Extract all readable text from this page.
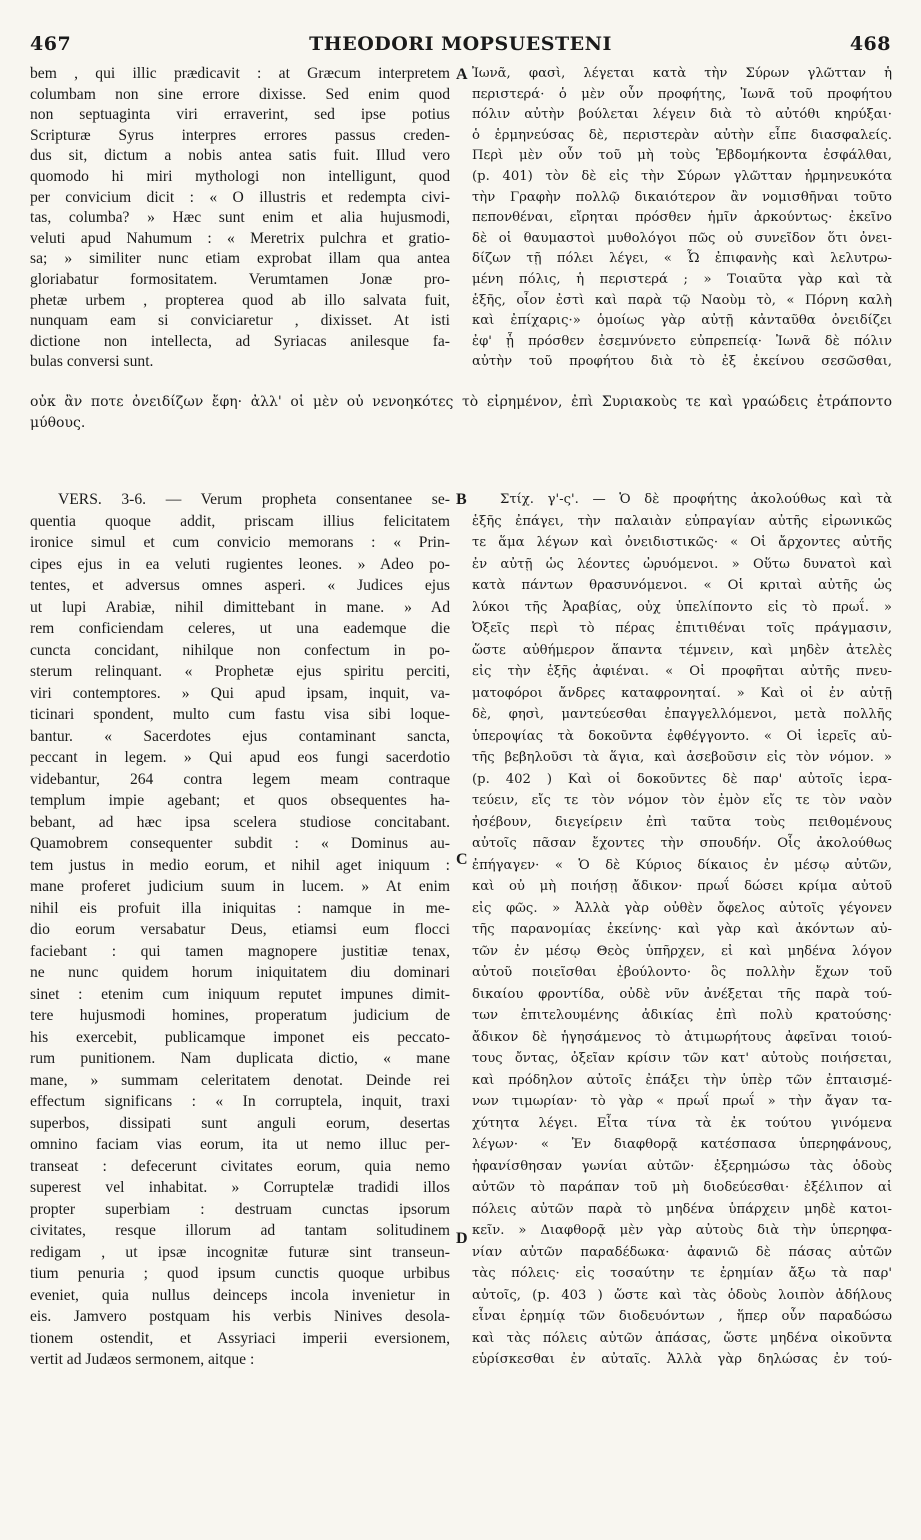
467	THEODORI MOPSUESTENI	468
bem , qui illic prædicavit : at Græcum interpretem
columbam non sine errore dixisse. Sed enim quod
non septuaginta viri erraverint, sed ipse potius
Scripturæ Syrus interpres errores passus creden-
dus sit, dictum a nobis antea satis fuit. Illud vero
quomodo hi miri mythologi non intelligunt, quod
per convicium dicit : « O illustris et redempta civi-
tas, columba? » Hæc sunt enim et alia hujusmodi,
veluti apud Nahumum : « Meretrix pulchra et gratio-
sa; » similiter nunc etiam exprobat illam qua antea
gloriabatur formositatem. Verumtamen Jonæ pro-
phetæ urbem , propterea quod ab illo salvata fuit,
nunquam eam si conviciaretur , dixisset. At isti
dictione non intellecta, ad Syriacas anilesque fa-
bulas conversi sunt.
Ἰωνᾶ, φασὶ, λέγεται κατὰ τὴν Σύρων γλῶτταν ἡ
περιστερά· ὁ μὲν οὖν προφήτης, Ἰωνᾶ τοῦ προφήτου
πόλιν αὐτὴν βούλεται λέγειν διὰ τὸ αὐτόθι κηρύξαι·
ὁ ἑρμηνεύσας δὲ, περιστερὰν αὐτὴν εἶπε διασφαλείς.
Περὶ μὲν οὖν τοῦ μὴ τοὺς Ἑβδομήκοντα ἐσφάλθαι,
(p. 401) τὸν δὲ εἰς τὴν Σύρων γλῶτταν ἡρμηνευκότα
τὴν Γραφὴν πολλῷ δικαιότερον ἂν νομισθῆναι τοῦτο
πεπονθέναι, εἴρηται πρόσθεν ἡμῖν ἀρκούντως· ἐκεῖνο
δὲ οἱ θαυμαστοὶ μυθολόγοι πῶς οὐ συνεῖδον ὅτι ὀνει-
δίζων τῇ πόλει λέγει, « Ὦ ἐπιφανὴς καὶ λελυτρω-
μένη πόλις, ἡ περιστερά ; » Τοιαῦτα γὰρ καὶ τὰ
ἑξῆς, οἷον ἐστὶ καὶ παρὰ τῷ Ναοὺμ τὸ, « Πόρνη καλὴ
καὶ ἐπίχαρις·» ὁμοίως γὰρ αὐτῇ κἀνταῦθα ὀνειδίζει
ἐφ' ᾗ πρόσθεν ἐσεμνύνετο εὐπρεπείᾳ· Ἰωνᾶ δὲ πόλιν
αὐτὴν τοῦ προφήτου διὰ τὸ ἐξ ἐκείνου σεσῶσθαι,
οὐκ ἂν ποτε ὀνειδίζων ἔφη· ἀλλ' οἱ μὲν οὐ νενοηκότες τὸ εἰρημένον, ἐπὶ Συριακοὺς τε καὶ γραώδεις ἐτράποντο
μύθους.
VERS. 3-6. — Verum propheta consentanee se-
quentia quoque addit, priscam illius felicitatem
ironice simul et cum convicio memorans : « Prin-
cipes ejus in ea veluti rugientes leones. » Adeo po-
tentes, et adversus omnes asperi. « Judices ejus
ut lupi Arabiæ, nihil dimittebant in mane. » Ad
rem conficiendam celeres, ut una eademque die
cuncta concidant, nihilque non confectum in po-
sterum relinquant. « Prophetæ ejus spiritu perciti,
viri contemptores. » Qui apud ipsam, inquit, va-
ticinari spondent, multo cum fastu visa sibi loque-
bantur. « Sacerdotes ejus contaminant sancta,
peccant in legem. » Qui apud eos fungi sacerdotio
videbantur, 264 contra legem meam contraque
templum impie agebant; et quos obsequentes ha-
bebant, ad hæc ipsa scelera studiose concitabant.
Quamobrem consequenter subdit : « Dominus au-
tem justus in medio eorum, et nihil aget iniquum :
mane proferet judicium suum in lucem. » At enim
nihil eis profuit illa iniquitas : namque in me-
dio eorum versabatur Deus, etiamsi eum flocci
faciebant : qui tamen magnopere justitiæ tenax,
ne nunc quidem horum iniquitatem diu dominari
sinet : etenim cum iniquum reputet impunes dimit-
tere hujusmodi homines, properatum judicium de
his exercebit, publicamque imponet eis peccato-
rum punitionem. Nam duplicata dictio, « mane
mane, » summam celeritatem denotat. Deinde rei
effectum significans : « In corruptela, inquit, traxi
superbos, dissipati sunt anguli eorum, desertas
omnino faciam vias eorum, ita ut nemo illuc per-
transeat : defecerunt civitates eorum, quia nemo
superest vel inhabitat. » Corruptelæ tradidi illos
propter superbiam : destruam cunctas ipsorum
civitates, resque illorum ad tantam solitudinem
redigam , ut ipsæ incognitæ futuræ sint transeun-
tium penuria ; quod ipsum cunctis quoque urbibus
eveniet, quia nullus deinceps incola invenietur in
eis. Jamvero postquam his verbis Ninives desola-
tionem ostendit, et Assyriaci imperii eversionem,
vertit ad Judæos sermonem, aitque :
Στίχ. γ'-ς'. — Ὁ δὲ προφήτης ἀκολούθως καὶ τὰ
ἑξῆς ἐπάγει, τὴν παλαιὰν εὐπραγίαν αὐτῆς εἰρωνικῶς
τε ἅμα λέγων καὶ ὀνειδιστικῶς· « Οἱ ἄρχοντες αὐτῆς
ἐν αὐτῇ ὡς λέοντες ὠρυόμενοι. » Οὕτω δυνατοὶ καὶ
κατὰ πάντων θρασυνόμενοι. « Οἱ κριταὶ αὐτῆς ὡς
λύκοι τῆς Ἀραβίας, οὐχ ὑπελίποντο εἰς τὸ πρωΐ. »
Ὀξεῖς περὶ τὸ πέρας ἐπιτιθέναι τοῖς πράγμασιν,
ὥστε αὐθήμερον ἅπαντα τέμνειν, καὶ μηδὲν ἀτελὲς
εἰς τὴν ἑξῆς ἀφιέναι. « Οἱ προφῆται αὐτῆς πνευ-
ματοφόροι ἄνδρες καταφρονηταί. » Καὶ οἱ ἐν αὐτῇ
δὲ, φησὶ, μαντεύεσθαι ἐπαγγελλόμενοι, μετὰ πολλῆς
ὑπεροψίας τὰ δοκοῦντα ἐφθέγγοντο. « Οἱ ἱερεῖς αὐ-
τῆς βεβηλοῦσι τὰ ἅγια, καὶ ἀσεβοῦσιν εἰς τὸν νόμον. »
(p. 402 ) Καὶ οἱ δοκοῦντες δὲ παρ' αὐτοῖς ἱερα-
τεύειν, εἴς τε τὸν νόμον τὸν ἐμὸν εἴς τε τὸν ναὸν
ἠσέβουν, διεγείρειν ἐπὶ ταῦτα τοὺς πειθομένους
αὐτοῖς πᾶσαν ἔχοντες τὴν σπουδήν. Οἷς ἀκολούθως
ἐπήγαγεν· « Ὁ δὲ Κύριος δίκαιος ἐν μέσῳ αὐτῶν,
καὶ οὐ μὴ ποιήσῃ ἄδικον· πρωΐ δώσει κρίμα αὐτοῦ
εἰς φῶς. » Ἀλλὰ γὰρ οὐθὲν ὄφελος αὐτοῖς γέγονεν
τῆς παρανομίας ἐκείνης· καὶ γὰρ καὶ ἀκόντων αὐ-
τῶν ἐν μέσῳ Θεὸς ὑπῆρχεν, εἰ καὶ μηδένα λόγον
αὐτοῦ ποιεῖσθαι ἐβούλοντο· ὃς πολλὴν ἔχων τοῦ
δικαίου φροντίδα, οὐδὲ νῦν ἀνέξεται τῆς παρὰ τού-
των ἐπιτελουμένης ἀδικίας ἐπὶ πολὺ κρατούσης·
ἄδικον δὲ ἡγησάμενος τὸ ἀτιμωρήτους ἀφεῖναι τοιού-
τους ὄντας, ὀξεῖαν κρίσιν τῶν κατ' αὐτοὺς ποιήσεται,
καὶ πρόδηλον αὐτοῖς ἐπάξει τὴν ὑπὲρ τῶν ἐπταισμέ-
νων τιμωρίαν· τὸ γὰρ « πρωΐ πρωΐ » τὴν ἄγαν τα-
χύτητα λέγει. Εἶτα τίνα τὰ ἐκ τούτου γινόμενα
λέγων· « Ἐν διαφθορᾷ κατέσπασα ὑπερηφάνους,
ἠφανίσθησαν γωνίαι αὐτῶν· ἐξερημώσω τὰς ὁδοὺς
αὐτῶν τὸ παράπαν τοῦ μὴ διοδεύεσθαι· ἐξέλιπον αἱ
πόλεις αὐτῶν παρὰ τὸ μηδένα ὑπάρχειν μηδὲ κατοι-
κεῖν. » Διαφθορᾷ μὲν γὰρ αὐτοὺς διὰ τὴν ὑπερηφα-
νίαν αὐτῶν παραδέδωκα· ἀφανιῶ δὲ πάσας αὐτῶν
τὰς πόλεις· εἰς τοσαύτην τε ἐρημίαν ἄξω τὰ παρ'
αὐτοῖς, (p. 403 ) ὥστε καὶ τὰς ὁδοὺς λοιπὸν ἀδήλους
εἶναι ἐρημίᾳ τῶν διοδευόντων , ἥπερ οὖν παραδώσω
καὶ τὰς πόλεις αὐτῶν ἁπάσας, ὥστε μηδένα οἰκοῦντα
εὑρίσκεσθαι ἐν αὐταῖς. Ἀλλὰ γὰρ δηλώσας ἐν τού-
A
B
C
D
